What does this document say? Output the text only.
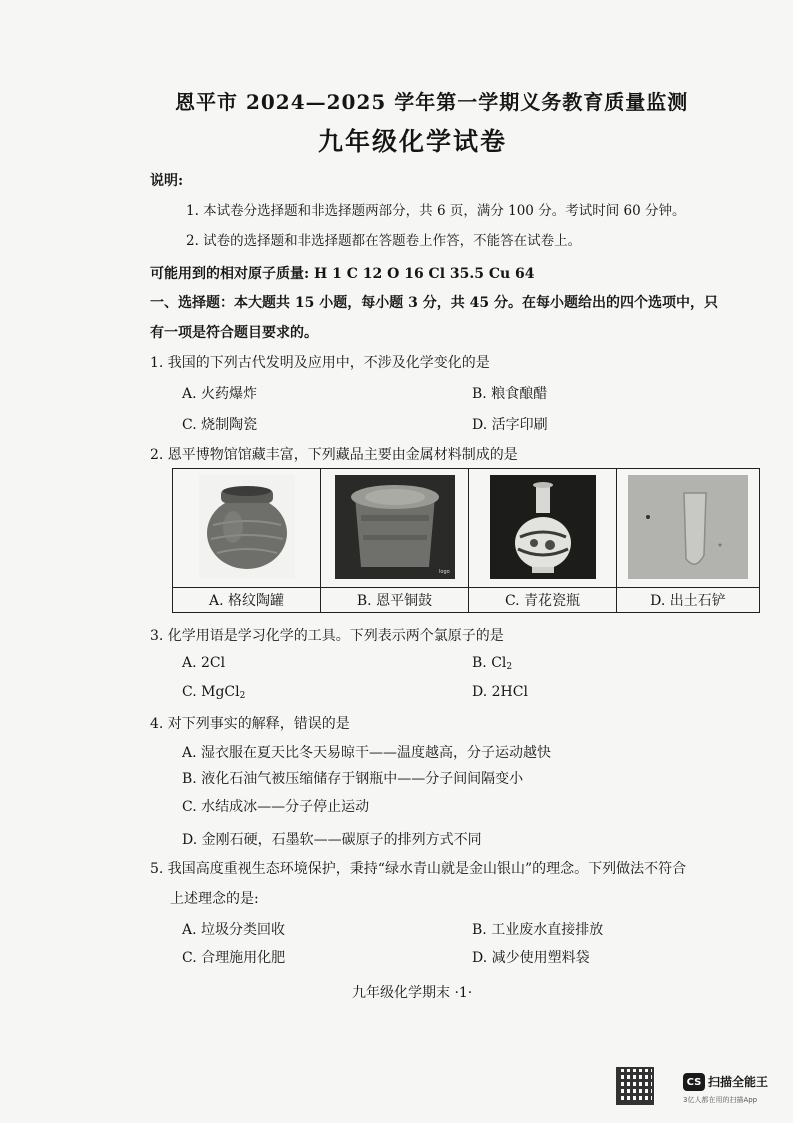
恩平市 2024—2025 学年第一学期义务教育质量监测
九年级化学试卷
说明:
1. 本试卷分选择题和非选择题两部分，共 6 页，满分 100 分。考试时间 60 分钟。
2. 试卷的选择题和非选择题都在答题卷上作答，不能答在试卷上。
可能用到的相对原子质量: H 1 C 12 O 16 Cl 35.5 Cu 64
一、选择题：本大题共 15 小题，每小题 3 分，共 45 分。在每小题给出的四个选项中，只
有一项是符合题目要求的。
1. 我国的下列古代发明及应用中，不涉及化学变化的是
A. 火药爆炸	B. 粮食酿醋
C. 烧制陶瓷	D. 活字印刷
2. 恩平博物馆馆藏丰富，下列藏品主要由金属材料制成的是
logo
A. 格纹陶罐	B. 恩平铜鼓	C. 青花瓷瓶	D. 出土石铲
3. 化学用语是学习化学的工具。下列表示两个氯原子的是
A. 2Cl	B. $Cl_2$
C. MgCl$_2$	D. 2HCl
4. 对下列事实的解释，错误的是
A. 湿衣服在夏天比冬天易晾干——温度越高，分子运动越快
B. 液化石油气被压缩储存于钢瓶中——分子间间隔变小
C. 水结成冰——分子停止运动
D. 金刚石硬，石墨软——碳原子的排列方式不同
5. 我国高度重视生态环境保护，秉持“绿水青山就是金山银山”的理念。下列做法不符合
上述理念的是:
A. 垃圾分类回收	B. 工业废水直接排放
C. 合理施用化肥	D. 减少使用塑料袋
九年级化学期末 ·1·
CS 扫描全能王
3亿人都在用的扫描App
